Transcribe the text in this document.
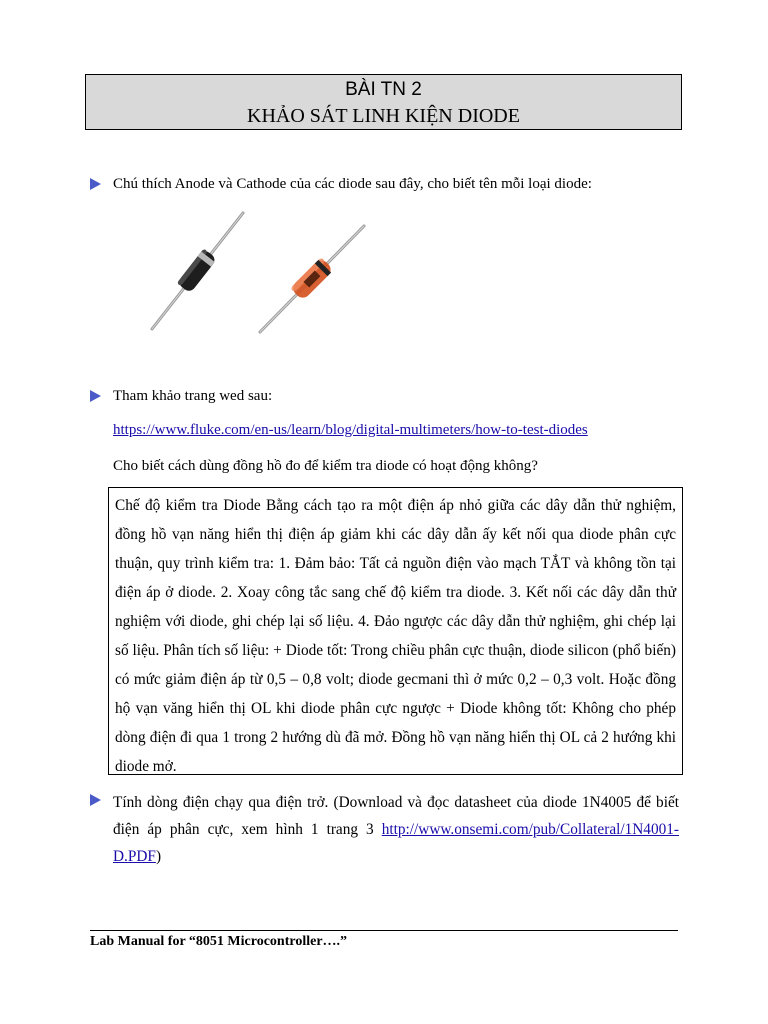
BÀI TN 2
KHẢO SÁT LINH KIỆN DIODE
Chú thích Anode và Cathode của các diode sau đây, cho biết tên mỗi loại diode:
Tham khảo trang wed sau:
https://www.fluke.com/en-us/learn/blog/digital-multimeters/how-to-test-diodes
Cho biết cách dùng đồng hồ đo để kiểm tra diode có hoạt động không?

Chế độ kiểm tra Diode Bằng cách tạo ra một điện áp nhỏ giữa các dây dẫn thử nghiệm, đồng hồ vạn năng hiển thị điện áp giảm khi các dây dẫn ấy kết nối qua diode phân cực thuận, quy trình kiểm tra: 1. Đảm bảo: Tất cả nguồn điện vào mạch TẮT và không tồn tại điện áp ở diode. 2. Xoay công tắc sang chế độ kiểm tra diode. 3. Kết nối các dây dẫn thử nghiệm với diode, ghi chép lại số liệu. 4. Đảo ngược các dây dẫn thử nghiệm, ghi chép lại số liệu. Phân tích số liệu: + Diode tốt: Trong chiều phân cực thuận, diode silicon (phổ biến) có mức giảm điện áp từ 0,5 – 0,8 volt; diode gecmani thì ở mức 0,2 – 0,3 volt. Hoặc đồng hộ vạn văng hiển thị OL khi diode phân cực ngược + Diode không tốt: Không cho phép dòng điện đi qua 1 trong 2 hướng dù đã mở. Đồng hồ vạn năng hiển thị OL cả 2 hướng khi diode mở.

Tính dòng điện chạy qua điện trở. (Download và đọc datasheet của diode 1N4005 để biết điện áp phân cực, xem hình 1 trang 3 http://www.onsemi.com/pub/Collateral/1N4001-D.PDF)

Lab Manual for “8051 Microcontroller….”
